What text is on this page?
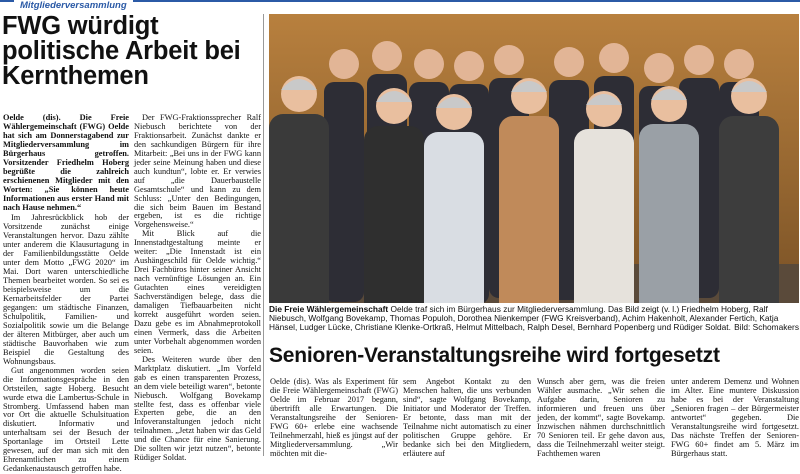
Mitgliederversammlung
FWG würdigt politische Arbeit bei Kernthemen

Oelde (dis). Die Freie Wählergemeinschaft (FWG) Oelde hat sich am Donnerstagabend zur Mitgliederversammlung im Bürgerhaus getroffen. Vorsitzender Friedhelm Hoberg begrüßte die zahlreich erschienenen Mitglieder mit den Worten: „Sie können heute Informationen aus erster Hand mit nach Hause nehmen.“

Im Jahresrückblick hob der Vorsitzende zunächst einige Veranstaltungen hervor. Dazu zählte unter anderem die Klausurtagung in der Familienbildungsstätte Oelde unter dem Motto „FWG 2020“ im Mai. Dort waren unterschiedliche Themen bearbeitet worden. So sei es beispielsweise um die Kernarbeitsfelder der Partei gegangen: um städtische Finanzen, Schulpolitik, Familien- und Sozialpolitik sowie um die Belange der älteren Mitbürger, aber auch um städtische Bauvorhaben wie zum Beispiel die Gestaltung des Wohnungsbaus.

Gut angenommen worden seien die Informationsgespräche in den Ortsteilen, sagte Hoberg. Besucht wurde etwa die Lambertus-Schule in Stromberg. Umfassend haben man vor Ort die aktuelle Schulsituation diskutiert. Informativ und unterhaltsam sei der Besuch der Sportanlage im Ortsteil Lette gewesen, auf der man sich mit den Ehrenamtlichen zu einem Gedankenaustausch getroffen habe.

Der FWG-Fraktionssprecher Ralf Niebusch berichtete von der Fraktionsarbeit. Zunächst dankte er den sachkundigen Bürgern für ihre Mitarbeit: „Bei uns in der FWG kann jeder seine Meinung haben und diese auch kundtun“, lobte er. Er verwies auf „die Dauerbaustelle Gesamtschule“ und kann zu dem Schluss: „Unter den Bedingungen, die sich beim Bauen im Bestand ergeben, ist es die richtige Vorgehensweise.“

Mit Blick auf die Innenstadtgestaltung meinte er weiter: „Die Innenstadt ist ein Aushängeschild für Oelde wichtig.“ Drei Fachbüros hinter seiner Ansicht nach vernünftige Lösungen an. Ein Gutachten eines vereidigten Sachverständigen belege, dass die damaligen Tiefbauarbeiten nicht korrekt ausgeführt worden seien. Dazu gebe es im Abnahmeprotokoll einen Vermerk, dass die Arbeiten unter Vorbehalt abgenommen worden seien.

Des Weiteren wurde über den Marktplatz diskutiert. „Im Vorfeld gab es einen transparenten Prozess, an dem viele beteiligt waren“, betonte Niebusch. Wolfgang Bovekamp stellte fest, dass es offenbar viele Experten gebe, die an den Infoveranstaltungen jedoch nicht teilnahmen. „Jetzt haben wir das Geld und die Chance für eine Sanierung. Die sollten wir jetzt nutzen“, betonte Rüdiger Soldat.

Die Freie Wählergemeinschaft Oelde traf sich im Bürgerhaus zur Mitgliederversammlung. Das Bild zeigt (v. l.) Friedhelm Hoberg, Ralf Niebusch, Wolfgang Bovekamp, Thomas Populoh, Dorothea Nienkemper (FWG Kreisverband), Achim Hakenholt, Alexander Fertich, Katja Hänsel, Ludger Lücke, Christiane Klenke-Ortkraß, Helmut Mittelbach, Ralph Desel, Bernhard Popenberg und Rüdiger Soldat. Bild: Schomakers
Senioren-Veranstaltungsreihe wird fortgesetzt

Oelde (dis). Was als Experiment für die Freie Wählergemeinschaft (FWG) Oelde im Februar 2017 begann, übertrifft alle Erwartungen. Die Veranstaltungsreihe der Senioren-FWG 60+ erlebe eine wachsende Teilnehmerzahl, hieß es jüngst auf der Mitgliederversammlung. „Wir möchten mit die-

sem Angebot Kontakt zu den Menschen halten, die uns verbunden sind“, sagte Wolfgang Bovekamp, Initiator und Moderator der Treffen. Er betonte, dass man mit der Teilnahme nicht automatisch zu einer politischen Gruppe gehöre. Er bedanke sich bei den Mitgliedern, erläutere auf

Wunsch aber gern, was die freien Wähler ausmache. „Wir sehen die Aufgabe darin, Senioren zu informieren und freuen uns über jeden, der kommt“, sagte Bovekamp. Inzwischen nähmen durchschnittlich 70 Senioren teil. Er gehe davon aus, dass die Teilnehmerzahl weiter steigt. Fachthemen waren

unter anderem Demenz und Wohnen im Alter. Eine muntere Diskussion habe es bei der Veranstaltung „Senioren fragen – der Bürgermeister antwortet“ gegeben. Die Veranstaltungsreihe wird fortgesetzt. Das nächste Treffen der Senioren-FWG 60+ findet am 5. März im Bürgerhaus statt.
